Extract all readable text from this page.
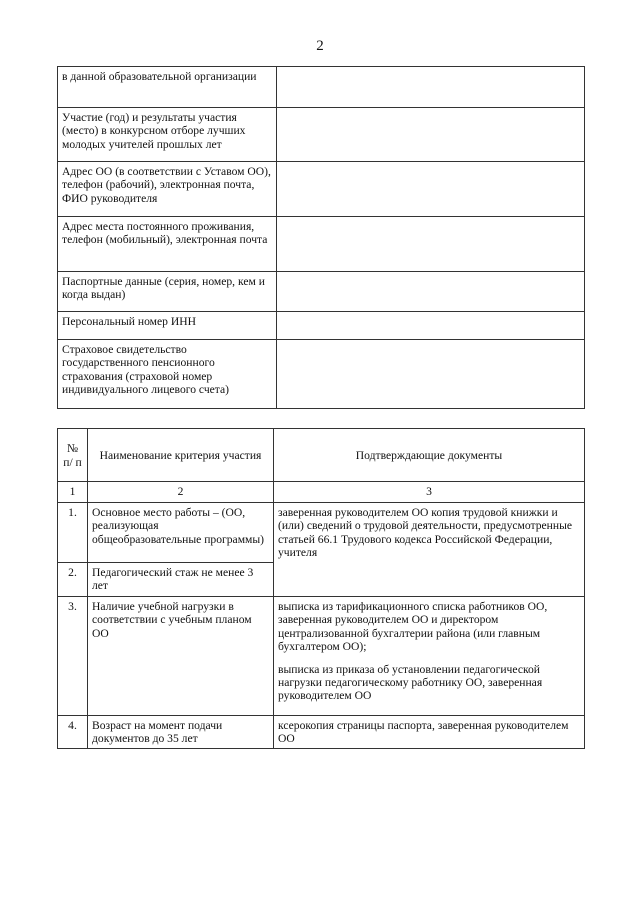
2
в данной образовательной организации	
Участие (год) и результаты участия (место) в конкурсном отборе лучших молодых учителей прошлых лет	
Адрес ОО (в соответствии с Уставом ОО), телефон (рабочий), электронная почта, ФИО руководителя	
Адрес места постоянного проживания, телефон (мобильный), электронная почта	
Паспортные данные (серия, номер, кем и когда выдан)	
Персональный номер ИНН	
Страховое свидетельство государственного пенсионного страхования (страховой номер индивидуального лицевого счета)	
№ п/ п	Наименование критерия участия	Подтверждающие документы
1	2	3
1.	Основное место работы – (ОО, реализующая общеобразовательные программы)	заверенная руководителем ОО копия трудовой книжки и (или) сведений о трудовой деятельности, предусмотренные статьей 66.1 Трудового кодекса Российской Федерации, учителя
2.	Педагогический стаж не менее 3 лет	
3.	Наличие учебной нагрузки в соответствии с учебным планом ОО	выписка из тарификационного списка работников ОО, заверенная руководителем ОО и директором централизованной бухгалтерии района (или главным бухгалтером ОО);
выписка из приказа об установлении педагогической нагрузки педагогическому работнику ОО, заверенная руководителем ОО

4.	Возраст на момент подачи документов до 35 лет	ксерокопия страницы паспорта, заверенная руководителем ОО
